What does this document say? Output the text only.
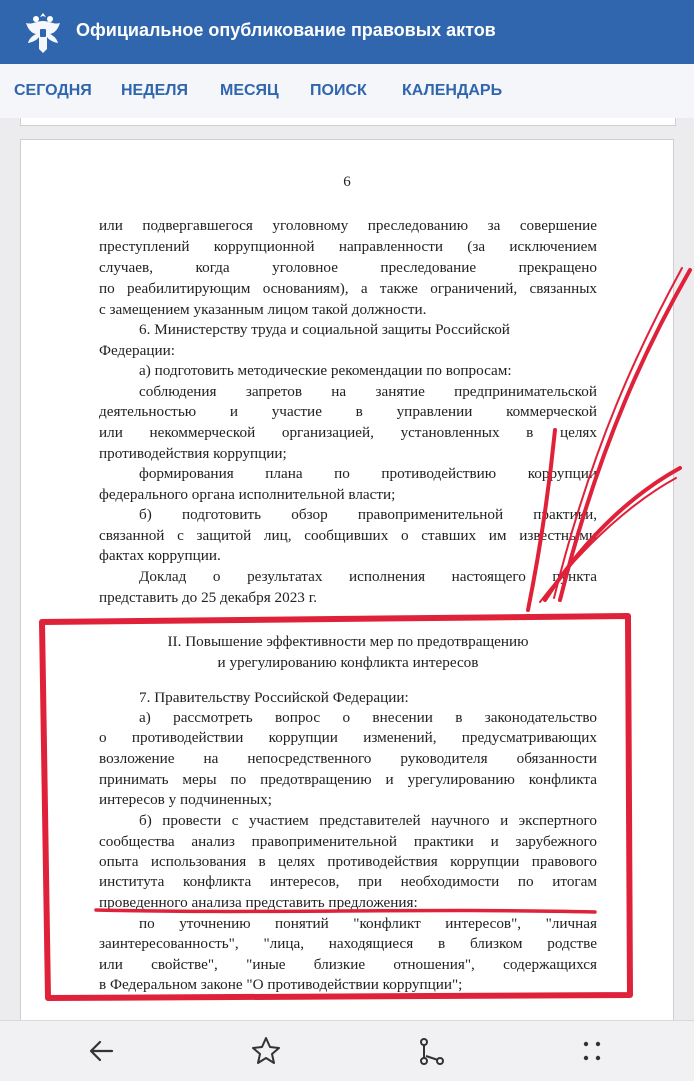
Официальное опубликование правовых актов
СЕГОДНЯ НЕДЕЛЯ МЕСЯЦ ПОИСК КАЛЕНДАРЬ
6
или подвергавшегося уголовному преследованию за совершение
преступлений коррупционной направленности (за исключением
случаев, когда уголовное преследование прекращено
по реабилитирующим основаниям), а также ограничений, связанных
с замещением указанным лицом такой должности.
6. Министерству труда и социальной защиты Российской
Федерации:
а) подготовить методические рекомендации по вопросам:
соблюдения запретов на занятие предпринимательской
деятельностью и участие в управлении коммерческой
или некоммерческой организацией, установленных в целях
противодействия коррупции;
формирования плана по противодействию коррупции
федерального органа исполнительной власти;
б) подготовить обзор правоприменительной практики,
связанной с защитой лиц, сообщивших о ставших им известными
фактах коррупции.
Доклад о результатах исполнения настоящего пункта
представить до 25 декабря 2023 г.
II. Повышение эффективности мер по предотвращению
и урегулированию конфликта интересов
7. Правительству Российской Федерации:
а) рассмотреть вопрос о внесении в законодательство
о противодействии коррупции изменений, предусматривающих
возложение на непосредственного руководителя обязанности
принимать меры по предотвращению и урегулированию конфликта
интересов у подчиненных;
б) провести с участием представителей научного и экспертного
сообщества анализ правоприменительной практики и зарубежного
опыта использования в целях противодействия коррупции правового
института конфликта интересов, при необходимости по итогам
проведенного анализа представить предложения:
по уточнению понятий "конфликт интересов", "личная
заинтересованность", "лица, находящиеся в близком родстве
или свойстве", "иные близкие отношения", содержащихся
в Федеральном законе "О противодействии коррупции";
